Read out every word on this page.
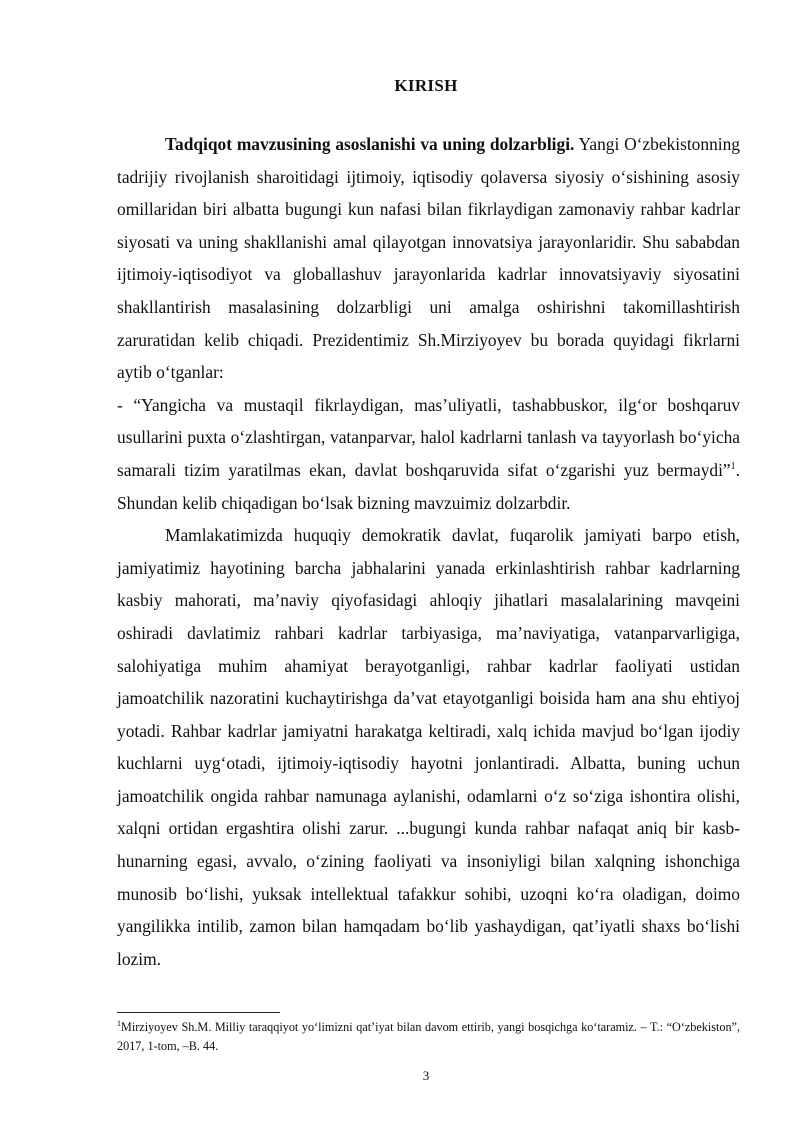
KIRISH

Tadqiqot mavzusining asoslanishi va uning dolzarbligi. Yangi O‘zbekistonning tadrijiy rivojlanish sharoitidagi ijtimoiy, iqtisodiy qolaversa siyosiy o‘sishining asosiy omillaridan biri albatta bugungi kun nafasi bilan fikrlaydigan zamonaviy rahbar kadrlar siyosati va uning shakllanishi amal qilayotgan innovatsiya jarayonlaridir. Shu sababdan ijtimoiy-iqtisodiyot va globallashuv jarayonlarida kadrlar innovatsiyaviy siyosatini shakllantirish masalasining dolzarbligi uni amalga oshirishni takomillashtirish zaruratidan kelib chiqadi. Prezidentimiz Sh.Mirziyoyev bu borada quyidagi fikrlarni aytib o‘tganlar:

- “Yangicha va mustaqil fikrlaydigan, mas’uliyatli, tashabbuskor, ilg‘or boshqaruv usullarini puxta o‘zlashtirgan, vatanparvar, halol kadrlarni tanlash va tayyorlash bo‘yicha samarali tizim yaratilmas ekan, davlat boshqaruvida sifat o‘zgarishi yuz bermaydi”$^1$. Shundan kelib chiqadigan bo‘lsak bizning mavzuimiz dolzarbdir.

Mamlakatimizda huquqiy demokratik davlat, fuqarolik jamiyati barpo etish, jamiyatimiz hayotining barcha jabhalarini yanada erkinlashtirish rahbar kadrlarning kasbiy mahorati, ma’naviy qiyofasidagi ahloqiy jihatlari masalalarining mavqeini oshiradi davlatimiz rahbari kadrlar tarbiyasiga, ma’naviyatiga, vatanparvarligiga, salohiyatiga muhim ahamiyat berayotganligi, rahbar kadrlar faoliyati ustidan jamoatchilik nazoratini kuchaytirishga da’vat etayotganligi boisida ham ana shu ehtiyoj yotadi. Rahbar kadrlar jamiyatni harakatga keltiradi, xalq ichida mavjud bo‘lgan ijodiy kuchlarni uyg‘otadi, ijtimoiy-iqtisodiy hayotni jonlantiradi. Albatta, buning uchun jamoatchilik ongida rahbar namunaga aylanishi, odamlarni o‘z so‘ziga ishontira olishi, xalqni ortidan ergashtira olishi zarur. ...bugungi kunda rahbar nafaqat aniq bir kasb-hunarning egasi, avvalo, o‘zining faoliyati va insoniyligi bilan xalqning ishonchiga munosib bo‘lishi, yuksak intellektual tafakkur sohibi, uzoqni ko‘ra oladigan, doimo yangilikka intilib, zamon bilan hamqadam bo‘lib yashaydigan, qat’iyatli shaxs bo‘lishi lozim.

$^1$Mirziyoyev Sh.M. Milliy taraqqiyot yo‘limizni qat’iyat bilan davom ettirib, yangi bosqichga ko‘taramiz. – T.: “O‘zbekiston”, 2017, 1-tom, –B. 44.
3
